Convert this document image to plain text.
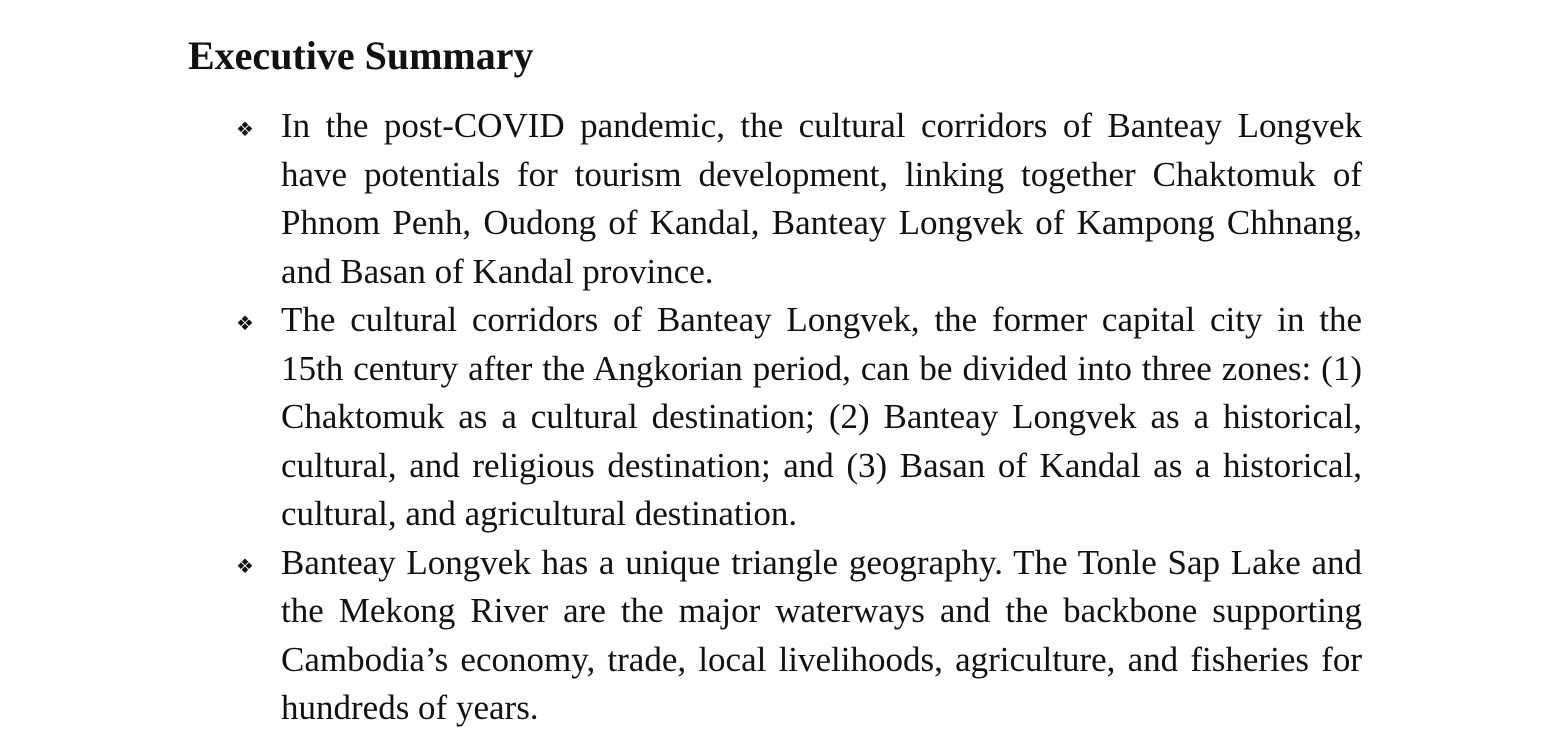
Executive Summary
❖ In the post-COVID pandemic, the cultural corridors of Banteay Longvek have potentials for tourism development, linking together Chaktomuk of Phnom Penh, Oudong of Kandal, Banteay Longvek of Kampong Chhnang, and Basan of Kandal province.

❖ The cultural corridors of Banteay Longvek, the former capital city in the 15th century after the Angkorian period, can be divided into three zones: (1) Chaktomuk as a cultural destination; (2) Banteay Longvek as a historical, cultural, and religious destination; and (3) Basan of Kandal as a historical, cultural, and agricultural destination.

❖ Banteay Longvek has a unique triangle geography. The Tonle Sap Lake and the Mekong River are the major waterways and the backbone supporting Cambodia’s economy, trade, local livelihoods, agriculture, and fisheries for hundreds of years.
